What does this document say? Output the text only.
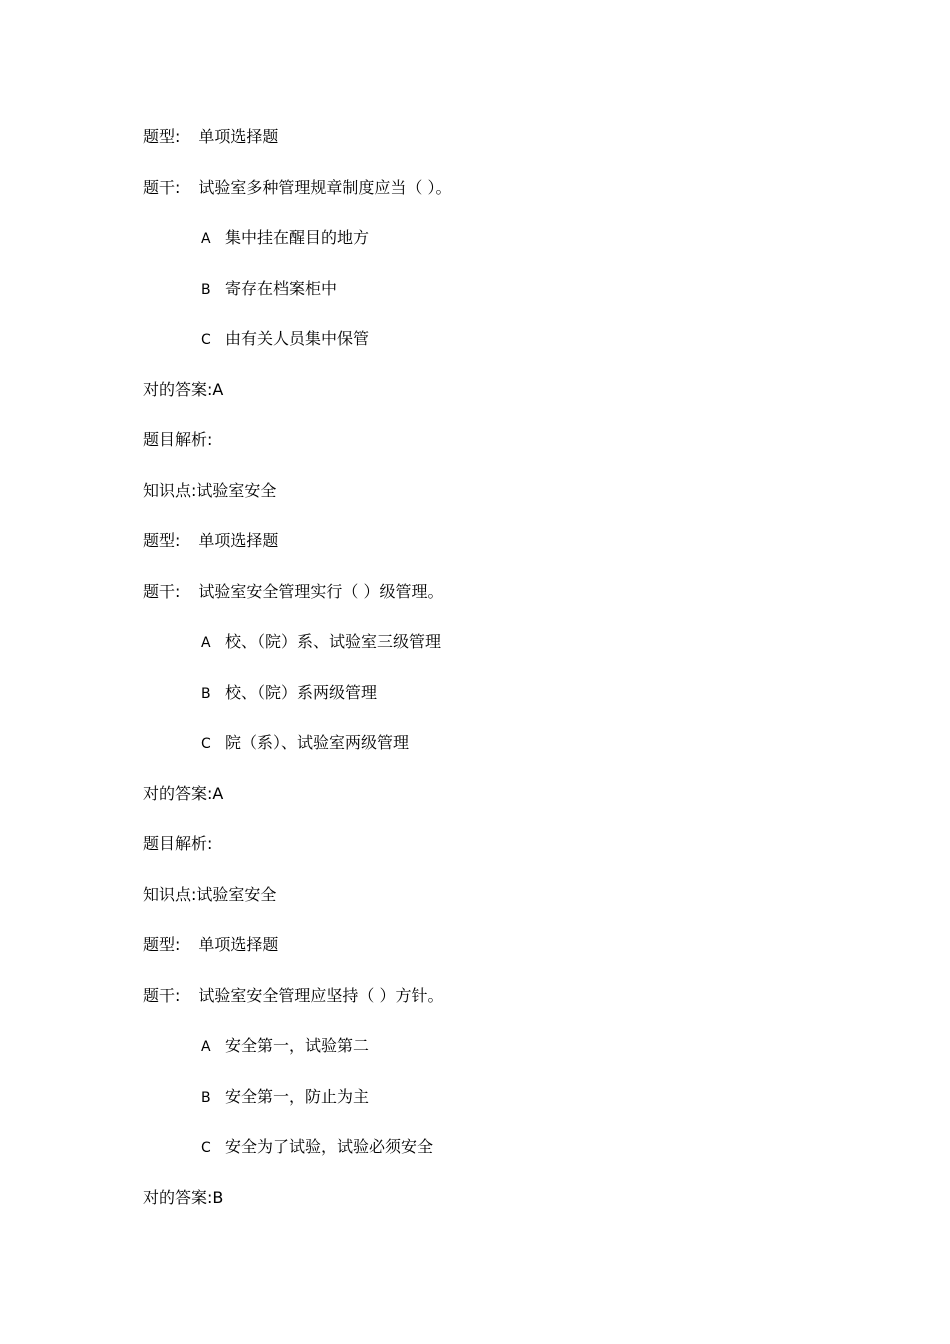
题型: 单项选择题
题干: 试验室多种管理规章制度应当（ ）。
A 集中挂在醒目的地方
B 寄存在档案柜中
C 由有关人员集中保管
对的答案:A
题目解析:
知识点:试验室安全
题型: 单项选择题
题干: 试验室安全管理实行（ ）级管理。
A 校、（院）系、试验室三级管理
B 校、（院）系两级管理
C 院（系）、试验室两级管理
对的答案:A
题目解析:
知识点:试验室安全
题型: 单项选择题
题干: 试验室安全管理应坚持（ ）方针。
A 安全第一，试验第二
B 安全第一，防止为主
C 安全为了试验，试验必须安全
对的答案:B
